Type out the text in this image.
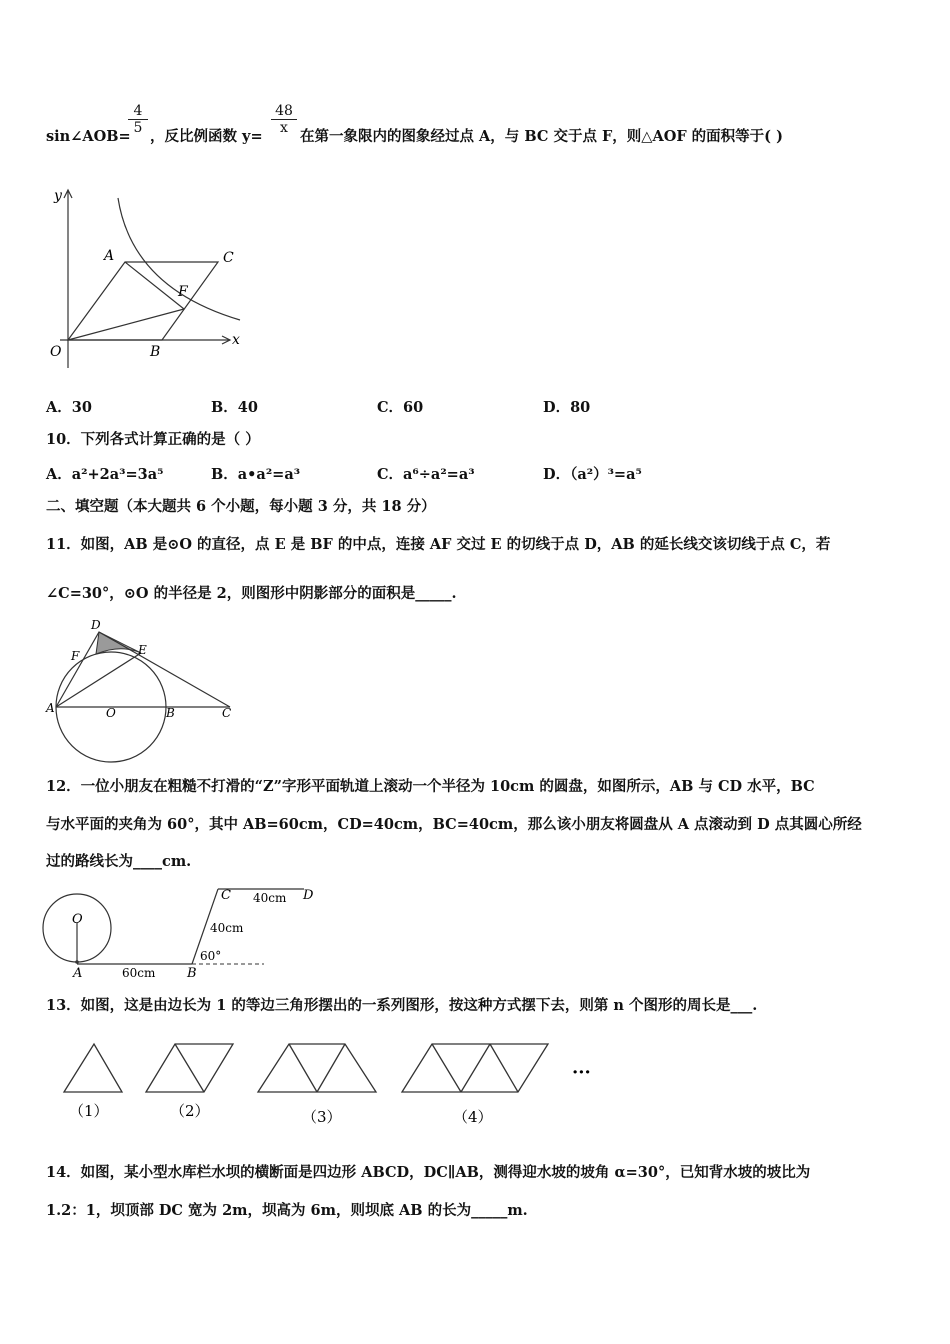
sin∠AOB=
$\frac{4}{5}$
，反比例函数 y=
$\frac{48}{x}$
在第一象限内的图象经过点 A，与 BC 交于点 F，则△AOF 的面积等于( )
y
x
O
A
B
C
F
A．30	B．40	C．60	D．80
10．下列各式计算正确的是（ ）
A．a²+2a³=3a⁵	B．a•a²=a³	C．a⁶÷a²=a³	D．（a²）³=a⁵
二、填空题（本大题共 6 个小题，每小题 3 分，共 18 分）
11．如图，AB 是⊙O 的直径，点 E 是 BF 的中点，连接 AF 交过 E 的切线于点 D，AB 的延长线交该切线于点 C，若
∠C=30°，⊙O 的半径是 2，则图形中阴影部分的面积是_____.
D
F	E
A	O	B	C
12．一位小朋友在粗糙不打滑的“Z”字形平面轨道上滚动一个半径为 10cm 的圆盘，如图所示，AB 与 CD 水平，BC
与水平面的夹角为 60°，其中 AB=60cm，CD=40cm，BC=40cm，那么该小朋友将圆盘从 A 点滚动到 D 点其圆心所经
过的路线长为____cm.
O
A	B
C	D
60cm
40cm
40cm
60°
13．如图，这是由边长为 1 的等边三角形摆出的一系列图形，按这种方式摆下去，则第 n 个图形的周长是___.
（1）	（2）	（3）	（4）
···
14．如图，某小型水库栏水坝的横断面是四边形 ABCD，DC∥AB，测得迎水坡的坡角 α=30°，已知背水坡的坡比为
1.2：1，坝顶部 DC 宽为 2m，坝高为 6m，则坝底 AB 的长为_____m.
